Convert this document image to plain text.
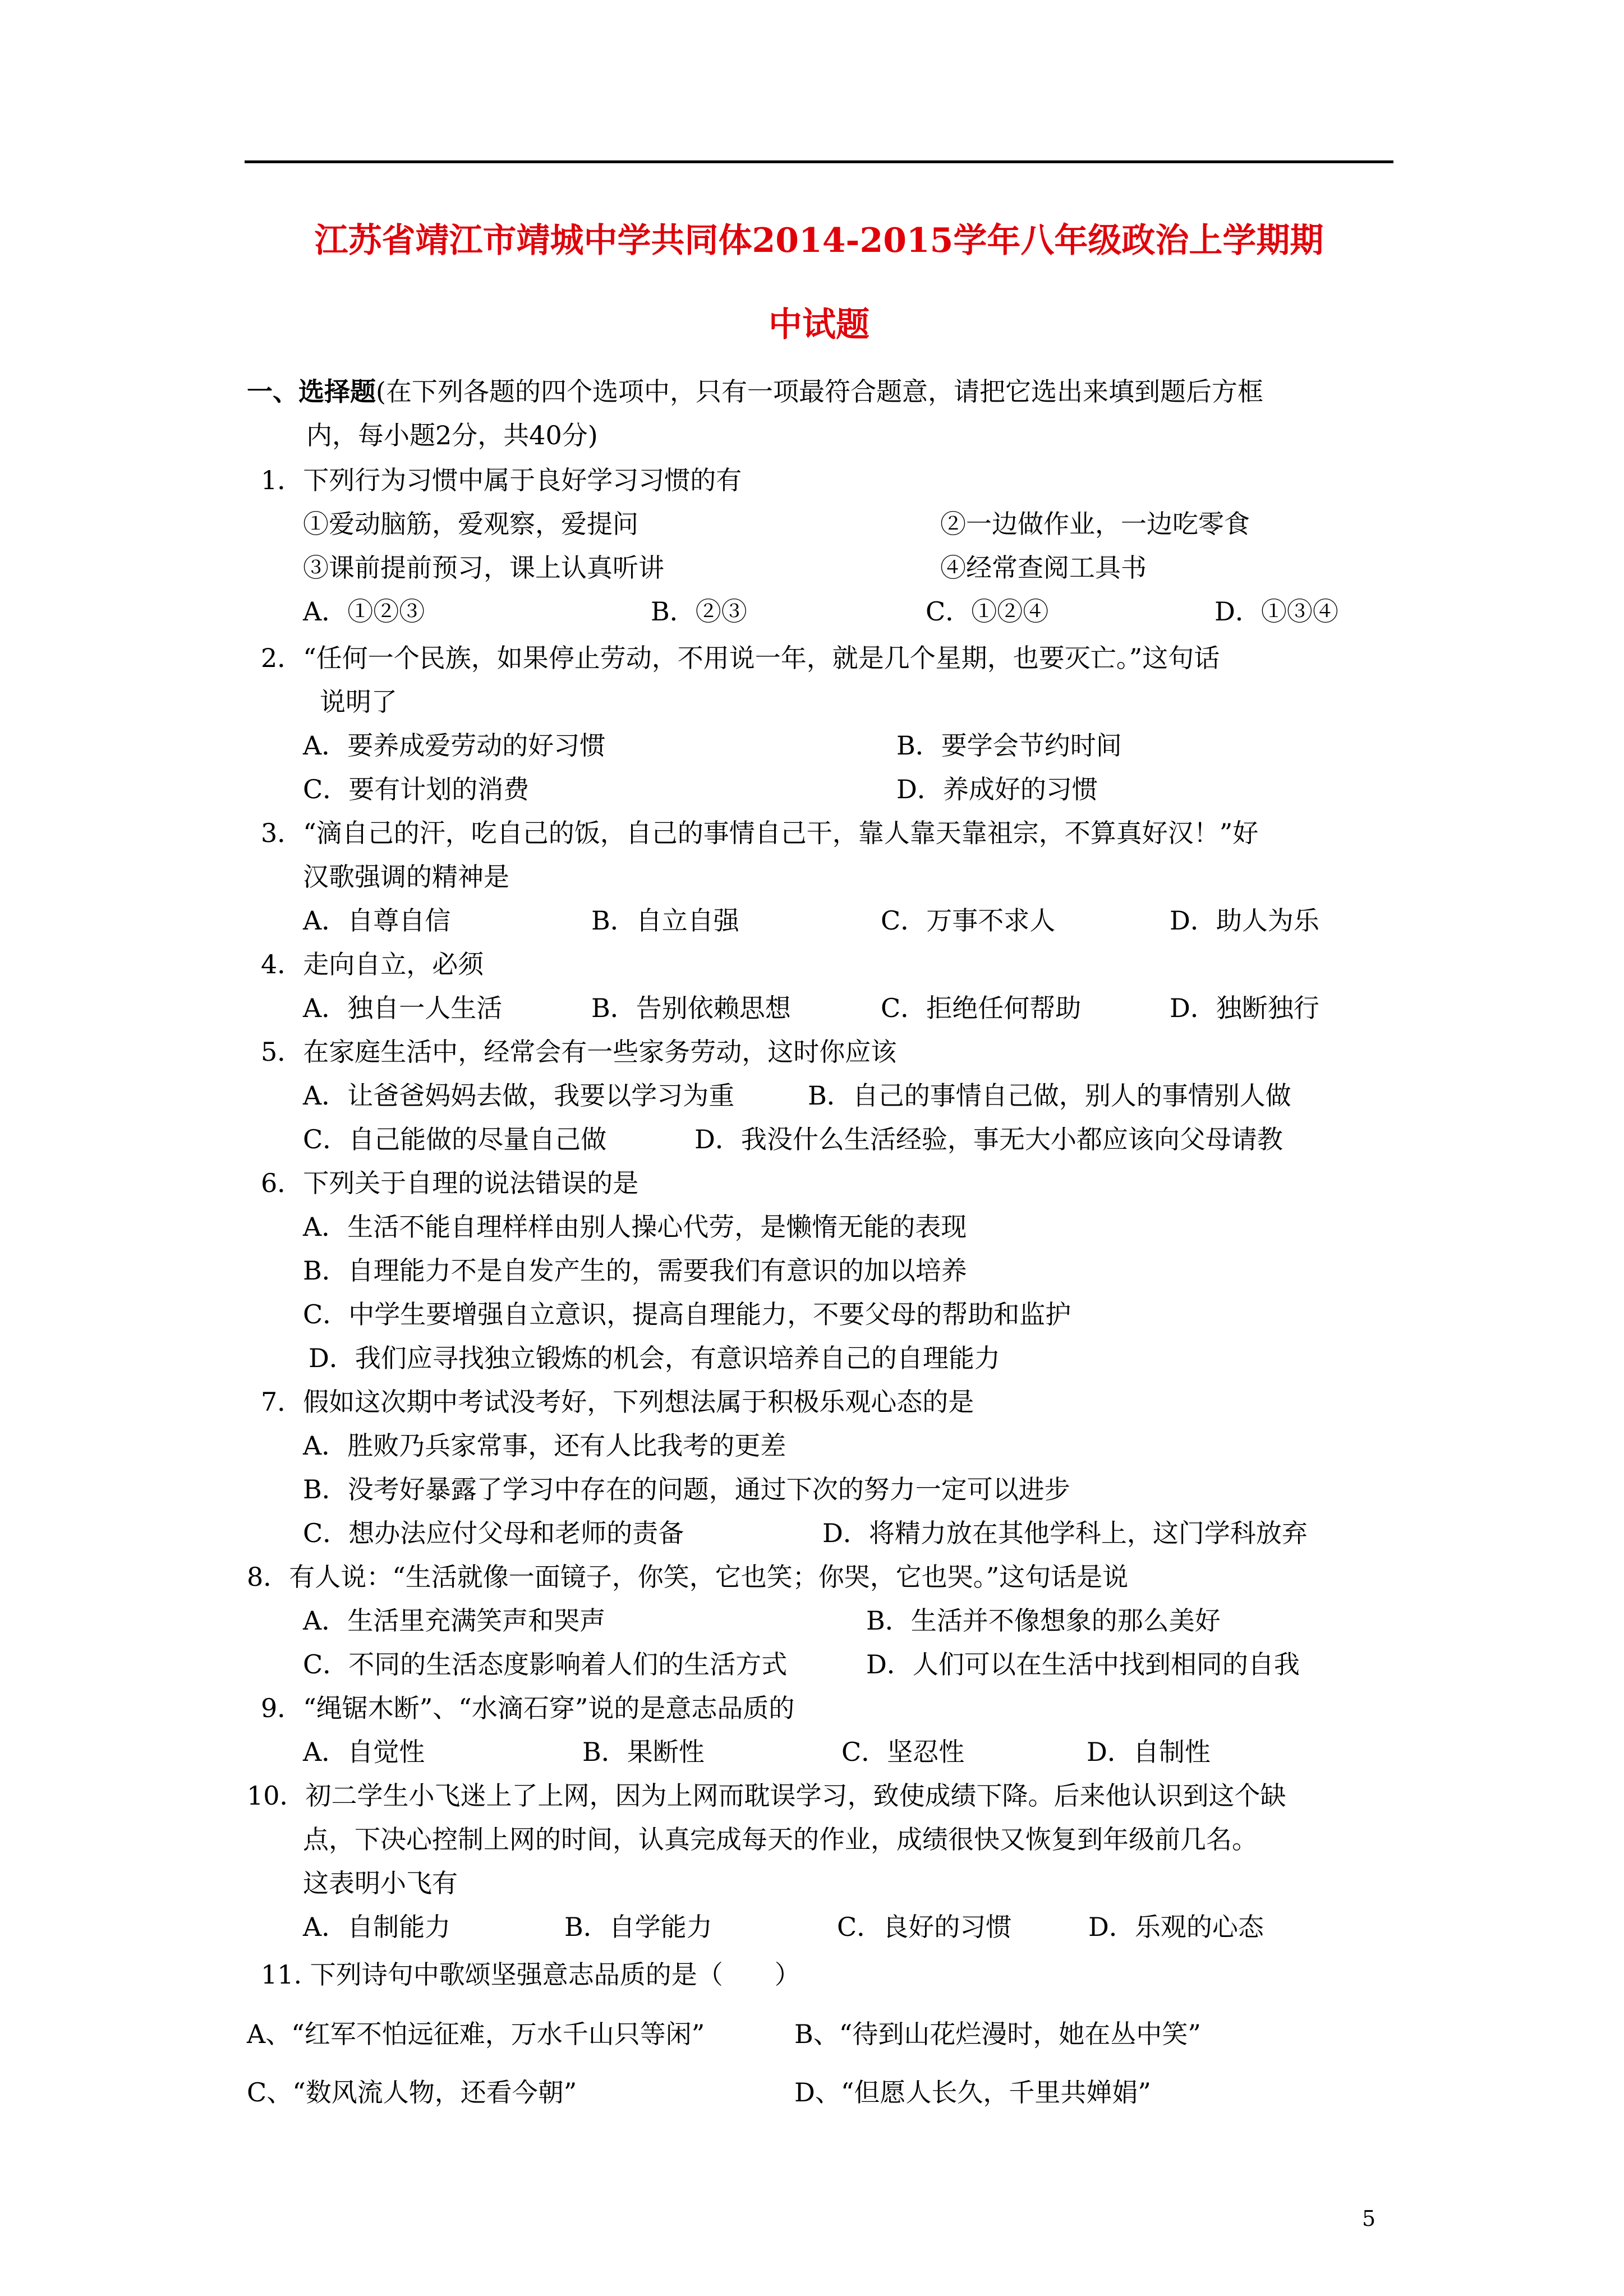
江苏省靖江市靖城中学共同体2014-2015学年八年级政治上学期期
中试题
一、选择题(在下列各题的四个选项中，只有一项最符合题意，请把它选出来填到题后方框
内，每小题2分，共40分)
1．下列行为习惯中属于良好学习习惯的有
①爱动脑筋，爱观察，爱提问	②一边做作业，一边吃零食
③课前提前预习，课上认真听讲	④经常查阅工具书
A．①②③	B．②③	C．①②④	D．①③④
2．“任何一个民族，如果停止劳动，不用说一年，就是几个星期，也要灭亡。”这句话
说明了
A．要养成爱劳动的好习惯	B．要学会节约时间
C．要有计划的消费	D．养成好的习惯
3．“滴自己的汗，吃自己的饭，自己的事情自己干，靠人靠天靠祖宗，不算真好汉！”好
汉歌强调的精神是
A．自尊自信	B．自立自强	C．万事不求人	D．助人为乐
4．走向自立，必须
A．独自一人生活	B．告别依赖思想	C．拒绝任何帮助	D．独断独行
5．在家庭生活中，经常会有一些家务劳动，这时你应该
A．让爸爸妈妈去做，我要以学习为重	B．自己的事情自己做，别人的事情别人做
C．自己能做的尽量自己做	D．我没什么生活经验，事无大小都应该向父母请教
6．下列关于自理的说法错误的是
A．生活不能自理样样由别人操心代劳，是懒惰无能的表现
B．自理能力不是自发产生的，需要我们有意识的加以培养
C．中学生要增强自立意识，提高自理能力，不要父母的帮助和监护
D．我们应寻找独立锻炼的机会，有意识培养自己的自理能力
7．假如这次期中考试没考好，下列想法属于积极乐观心态的是
A．胜败乃兵家常事，还有人比我考的更差
B．没考好暴露了学习中存在的问题，通过下次的努力一定可以进步
C．想办法应付父母和老师的责备	D．将精力放在其他学科上，这门学科放弃
8．有人说：“生活就像一面镜子，你笑，它也笑；你哭，它也哭。”这句话是说
A．生活里充满笑声和哭声	B．生活并不像想象的那么美好
C．不同的生活态度影响着人们的生活方式	D．人们可以在生活中找到相同的自我
9．“绳锯木断”、“水滴石穿”说的是意志品质的
A．自觉性	B．果断性	C．坚忍性	D．自制性
10．初二学生小飞迷上了上网，因为上网而耽误学习，致使成绩下降。后来他认识到这个缺
点，下决心控制上网的时间，认真完成每天的作业，成绩很快又恢复到年级前几名。
这表明小飞有
A．自制能力	B．自学能力	C．良好的习惯	D．乐观的心态
11. 下列诗句中歌颂坚强意志品质的是（　　）
A、“红军不怕远征难，万水千山只等闲”	B、“待到山花烂漫时，她在丛中笑”
C、“数风流人物，还看今朝”	D、“但愿人长久，千里共婵娟”
5
